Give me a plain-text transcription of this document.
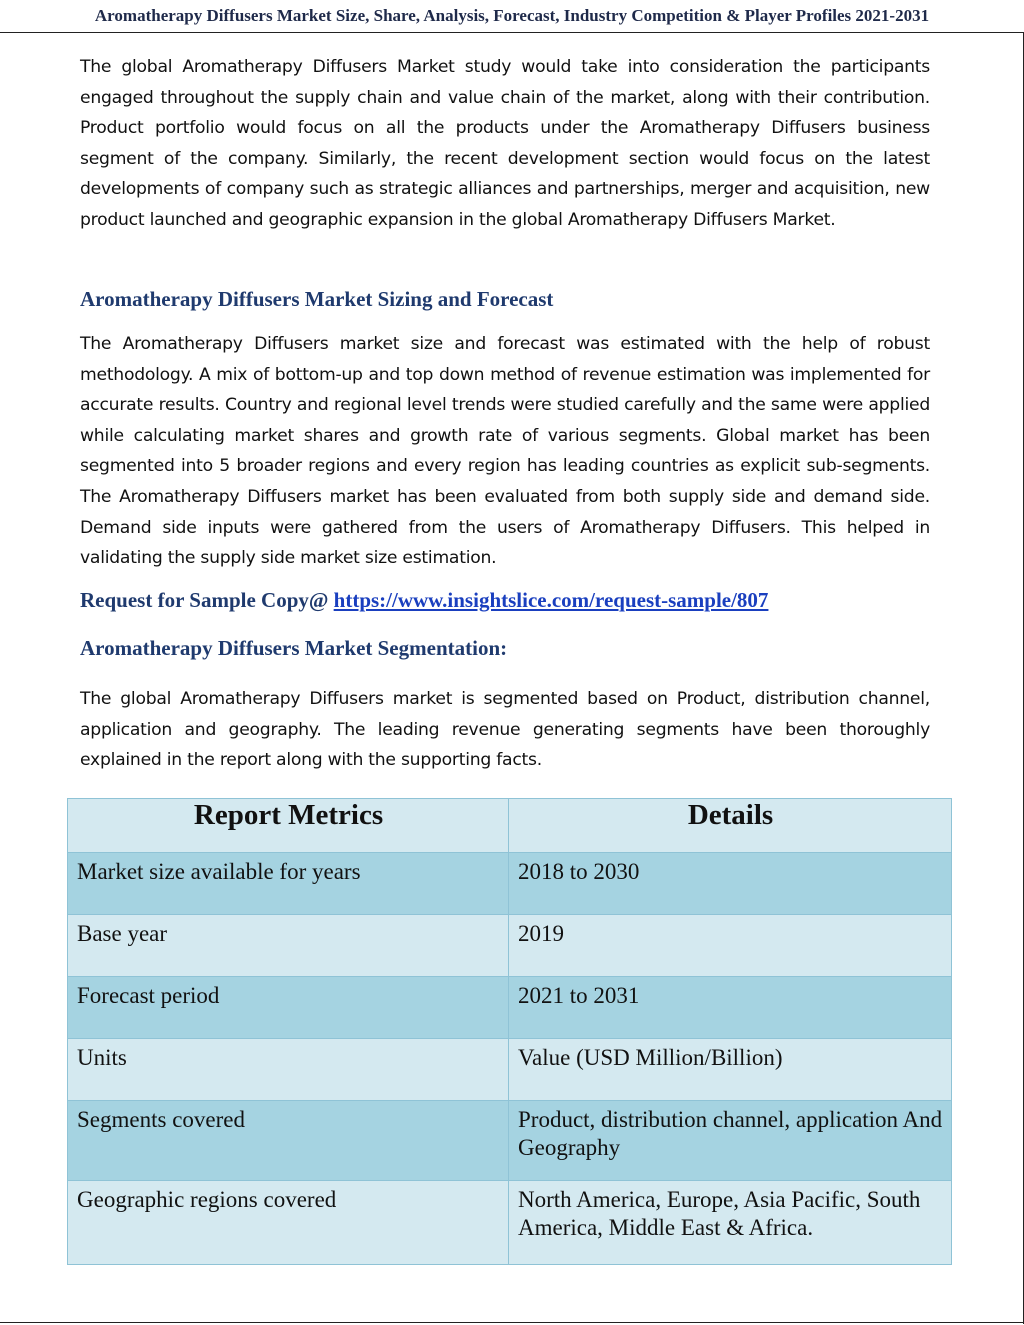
Aromatherapy Diffusers Market Size, Share, Analysis, Forecast, Industry Competition & Player Profiles 2021-2031

The global Aromatherapy Diffusers Market study would take into consideration the participants engaged throughout the supply chain and value chain of the market, along with their contribution. Product portfolio would focus on all the products under the Aromatherapy Diffusers business segment of the company. Similarly, the recent development section would focus on the latest developments of company such as strategic alliances and partnerships, merger and acquisition, new product launched and geographic expansion in the global Aromatherapy Diffusers Market.

Aromatherapy Diffusers Market Sizing and Forecast

The Aromatherapy Diffusers market size and forecast was estimated with the help of robust methodology. A mix of bottom-up and top down method of revenue estimation was implemented for accurate results. Country and regional level trends were studied carefully and the same were applied while calculating market shares and growth rate of various segments. Global market has been segmented into 5 broader regions and every region has leading countries as explicit sub-segments. The Aromatherapy Diffusers market has been evaluated from both supply side and demand side. Demand side inputs were gathered from the users of Aromatherapy Diffusers. This helped in validating the supply side market size estimation.

Request for Sample Copy@ https://www.insightslice.com/request-sample/807
Aromatherapy Diffusers Market Segmentation:

The global Aromatherapy Diffusers market is segmented based on Product, distribution channel, application and geography. The leading revenue generating segments have been thoroughly explained in the report along with the supporting facts.

Report Metrics	Details
Market size available for years	2018 to 2030
Base year	2019
Forecast period	2021 to 2031
Units	Value (USD Million/Billion)
Segments covered	Product, distribution channel, application And Geography
Geographic regions covered	North America, Europe, Asia Pacific, South America, Middle East & Africa.
